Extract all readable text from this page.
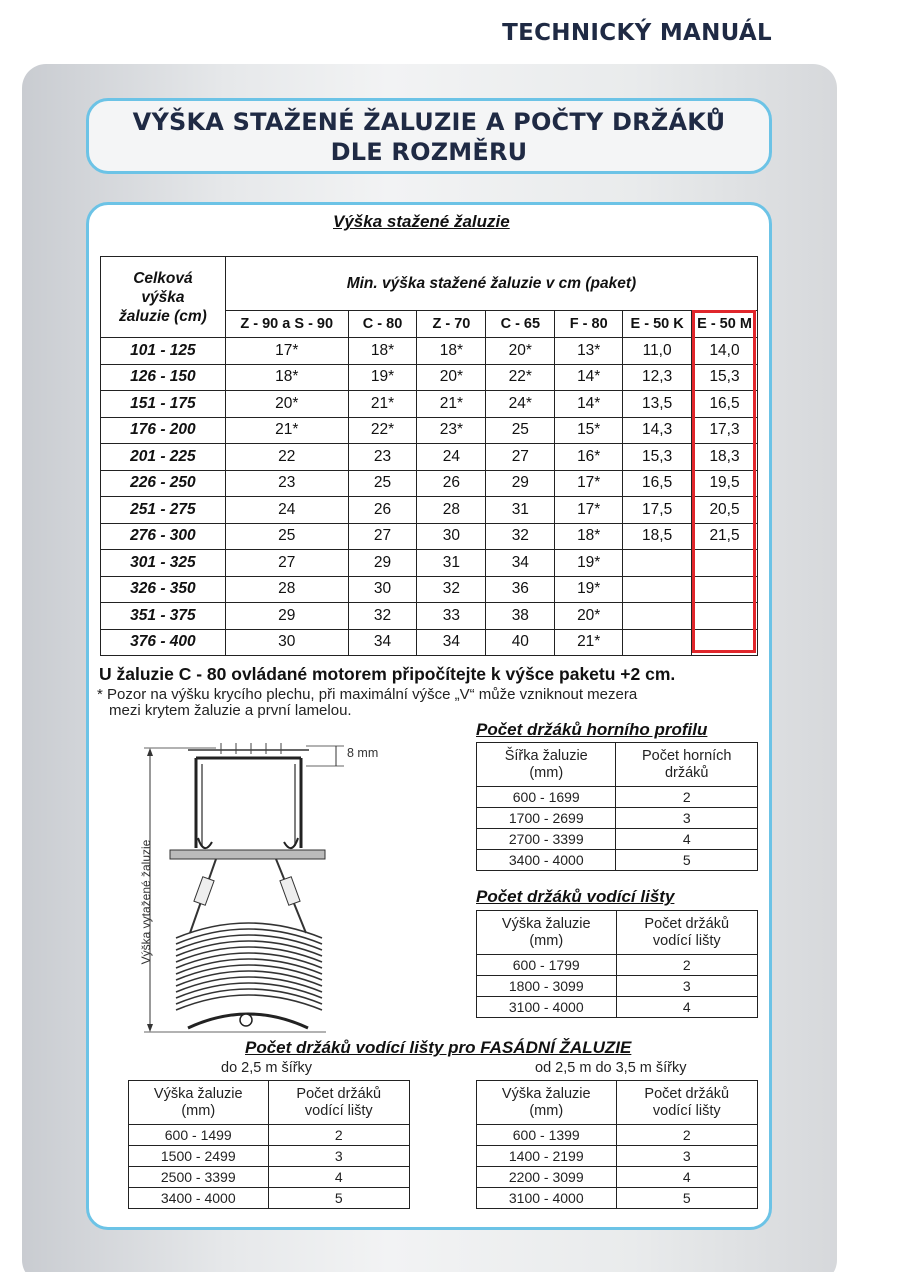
TECHNICKÝ MANUÁL
VÝŠKA STAŽENÉ ŽALUZIE A POČTY DRŽÁKŮ
DLE ROZMĚRU
Výška stažené žaluzie
Celková
výška
žaluzie (cm)	Min. výška stažené žaluzie v cm (paket)						
	Z - 90 a S - 90	C - 80	Z - 70	C - 65	F - 80	E - 50 K	E - 50 M
101 - 125	17*	18*	18*	20*	13*	11,0	14,0
126 - 150	18*	19*	20*	22*	14*	12,3	15,3
151 - 175	20*	21*	21*	24*	14*	13,5	16,5
176 - 200	21*	22*	23*	25	15*	14,3	17,3
201 - 225	22	23	24	27	16*	15,3	18,3
226 - 250	23	25	26	29	17*	16,5	19,5
251 - 275	24	26	28	31	17*	17,5	20,5
276 - 300	25	27	30	32	18*	18,5	21,5
301 - 325	27	29	31	34	19*		
326 - 350	28	30	32	36	19*		
351 - 375	29	32	33	38	20*		
376 - 400	30	34	34	40	21*		
U žaluzie C - 80 ovládané motorem připočítejte k výšce paketu +2 cm.
* Pozor na výšku krycího plechu, při maximální výšce „V“ může vzniknout mezera
mezi krytem žaluzie a první lamelou.
Výška vytažené žaluzie
8 mm
Počet držáků horního profilu
Šířka žaluzie
(mm)	Počet horních
držáků
600 - 1699	2
1700 - 2699	3
2700 - 3399	4
3400 - 4000	5
Počet držáků vodící lišty
Výška žaluzie
(mm)	Počet držáků
vodící lišty
600 - 1799	2
1800 - 3099	3
3100 - 4000	4
Počet držáků vodící lišty pro FASÁDNÍ ŽALUZIE
do 2,5 m šířky	od 2,5 m do 3,5 m šířky
Výška žaluzie
(mm)	Počet držáků
vodící lišty
600 - 1499	2
1500 - 2499	3
2500 - 3399	4
3400 - 4000	5
Výška žaluzie
(mm)	Počet držáků
vodící lišty
600 - 1399	2
1400 - 2199	3
2200 - 3099	4
3100 - 4000	5
